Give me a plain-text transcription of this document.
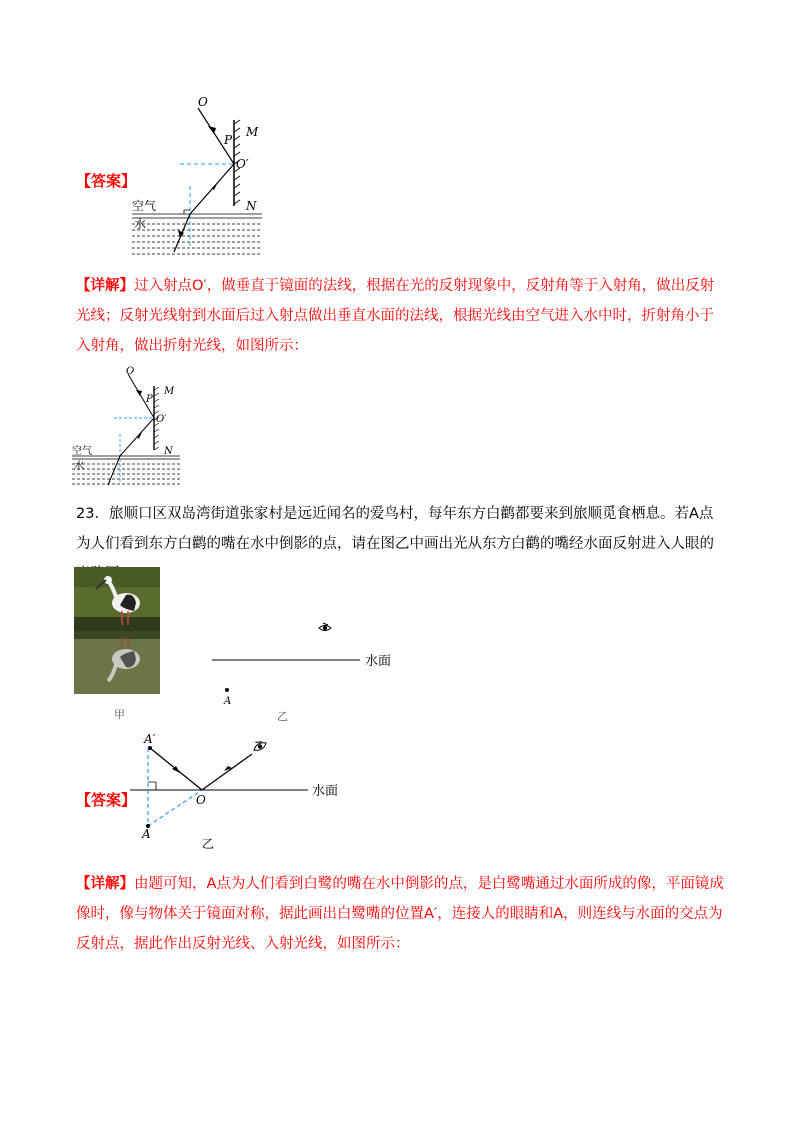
【答案】
O
P
M
O′
N
空气
水
【详解】过入射点O′，做垂直于镜面的法线，根据在光的反射现象中，反射角等于入射角，做出反射光线；反射光线射到水面后过入射点做出垂直水面的法线，根据光线由空气进入水中时，折射角小于入射角，做出折射光线，如图所示：
O
P
M
O′
N
空气
水
23．旅顺口区双岛湾街道张家村是远近闻名的爱鸟村，每年东方白鹳都要来到旅顺觅食栖息。若A点为人们看到东方白鹳的嘴在水中倒影的点，请在图乙中画出光从东方白鹳的嘴经水面反射进入人眼的
甲
A
水面
乙
【答案】
A′
A
O
水面
乙
【详解】由题可知，A点为人们看到白鹭的嘴在水中倒影的点，是白鹭嘴通过水面所成的像，平面镜成像时，像与物体关于镜面对称，据此画出白鹭嘴的位置A′，连接人的眼睛和A，则连线与水面的交点为反射点，据此作出反射光线、入射光线，如图所示：
